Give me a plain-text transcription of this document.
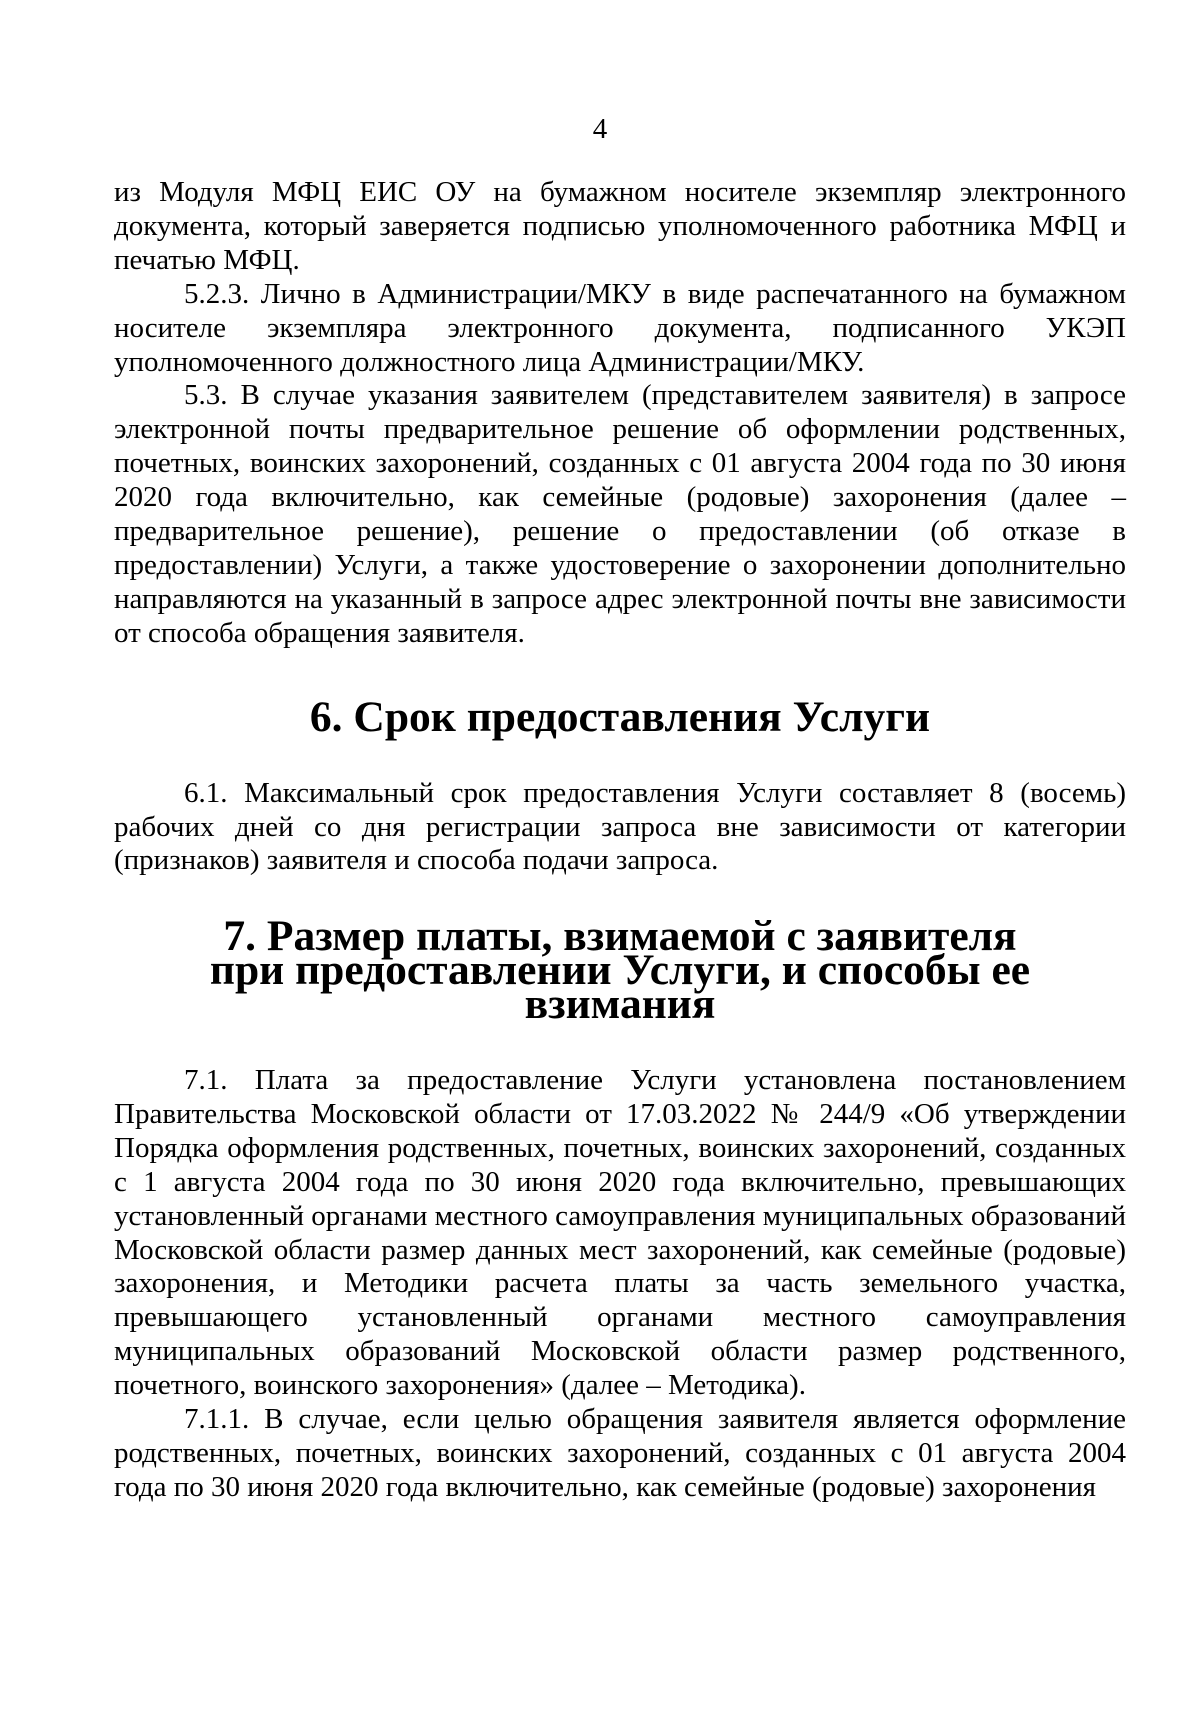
4

из Модуля МФЦ ЕИС ОУ на бумажном носителе экземпляр электронного документа, который заверяется подписью уполномоченного работника МФЦ и печатью МФЦ.

5.2.3. Лично в Администрации/МКУ в виде распечатанного на бумажном носителе экземпляра электронного документа, подписанного УКЭП уполномоченного должностного лица Администрации/МКУ.

5.3. В случае указания заявителем (представителем заявителя) в запросе электронной почты предварительное решение об оформлении родственных, почетных, воинских захоронений, созданных с 01 августа 2004 года по 30 июня 2020 года включительно, как семейные (родовые) захоронения (далее – предварительное решение), решение о предоставлении (об отказе в предоставлении) Услуги, а также удостоверение о захоронении дополнительно направляются на указанный в запросе адрес электронной почты вне зависимости от способа обращения заявителя.

6. Срок предоставления Услуги

6.1. Максимальный срок предоставления Услуги составляет 8 (восемь) рабочих дней со дня регистрации запроса вне зависимости от категории (признаков) заявителя и способа подачи запроса.

7. Размер платы, взимаемой с заявителя
при предоставлении Услуги, и способы ее взимания

7.1. Плата за предоставление Услуги установлена постановлением Правительства Московской области от 17.03.2022 № 244/9 «Об утверждении Порядка оформления родственных, почетных, воинских захоронений, созданных с 1 августа 2004 года по 30 июня 2020 года включительно, превышающих установленный органами местного самоуправления муниципальных образований Московской области размер данных мест захоронений, как семейные (родовые) захоронения, и Методики расчета платы за часть земельного участка, превышающего установленный органами местного самоуправления муниципальных образований Московской области размер родственного, почетного, воинского захоронения» (далее – Методика).

7.1.1. В случае, если целью обращения заявителя является оформление родственных, почетных, воинских захоронений, созданных с 01 августа 2004 года по 30 июня 2020 года включительно, как семейные (родовые) захоронения
